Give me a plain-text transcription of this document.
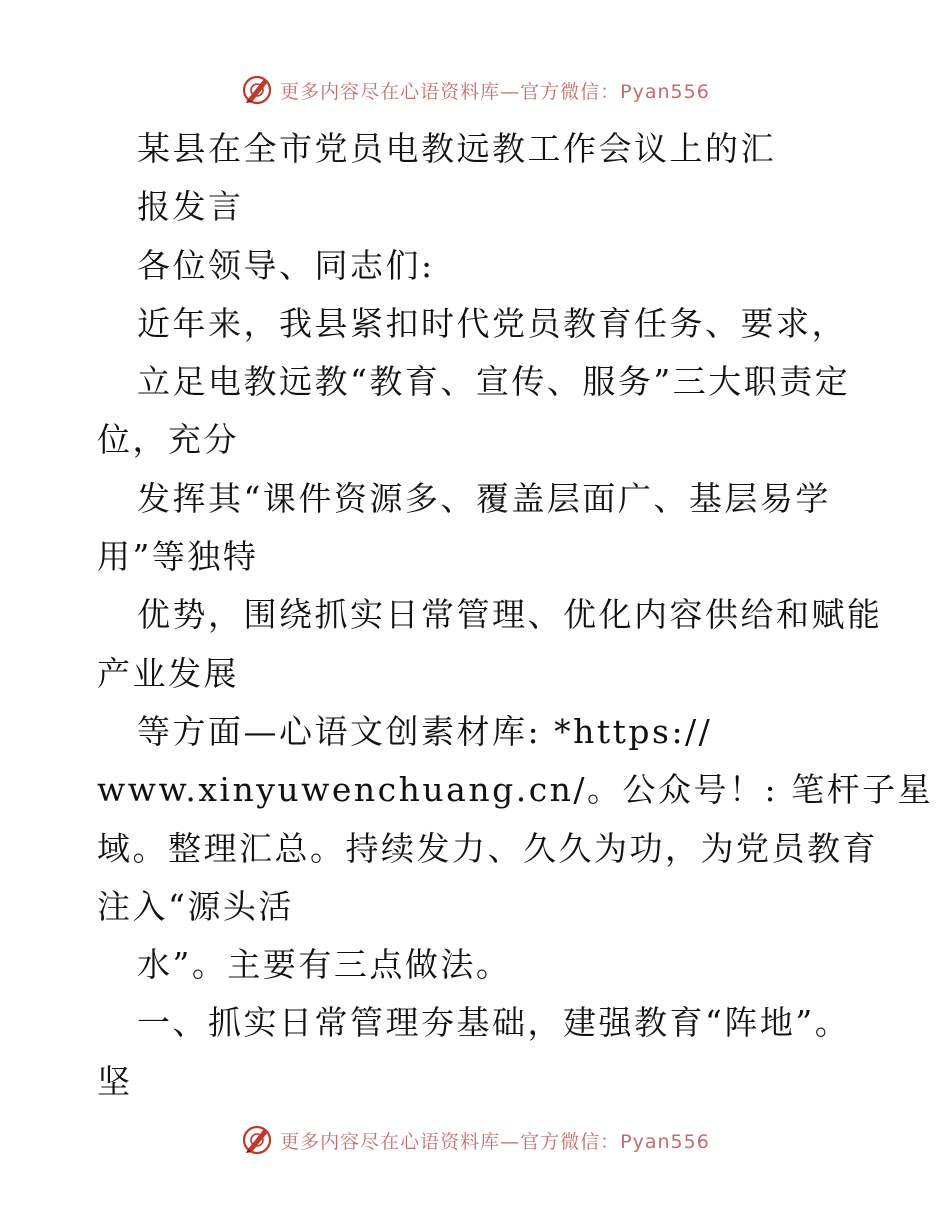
更多内容尽在心语资料库—官方微信：Pyan556
某县在全市党员电教远教工作会议上的汇
报发言
各位领导、同志们:
近年来，我县紧扣时代党员教育任务、要求，
立足电教远教“教育、宣传、服务”三大职责定
位，充分
发挥其“课件资源多、覆盖层面广、基层易学
用”等独特
优势，围绕抓实日常管理、优化内容供给和赋能
产业发展
等方面—心语文创素材库: *https://
www.xinyuwenchuang.cn/。公众号！: 笔杆子星
域。整理汇总。持续发力、久久为功，为党员教育
注入“源头活
水”。主要有三点做法。
一、抓实日常管理夯基础，建强教育“阵地”。
坚
更多内容尽在心语资料库—官方微信：Pyan556
